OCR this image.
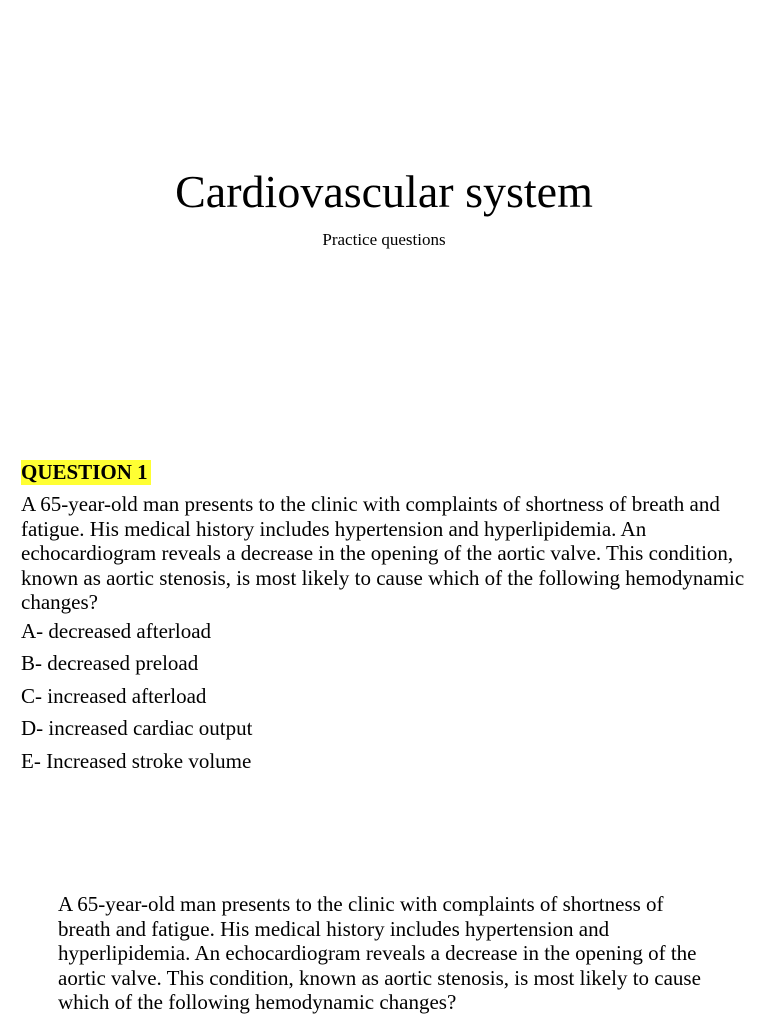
Cardiovascular system

Practice questions

QUESTION 1

A 65-year-old man presents to the clinic with complaints of shortness of breath and fatigue. His medical history includes hypertension and hyperlipidemia. An echocardiogram reveals a decrease in the opening of the aortic valve. This condition, known as aortic stenosis, is most likely to cause which of the following hemodynamic changes?

A- decreased afterload
B- decreased preload
C- increased afterload
D- increased cardiac output
E- Increased stroke volume

A 65-year-old man presents to the clinic with complaints of shortness of breath and fatigue. His medical history includes hypertension and hyperlipidemia. An echocardiogram reveals a decrease in the opening of the aortic valve. This condition, known as aortic stenosis, is most likely to cause which of the following hemodynamic changes?
